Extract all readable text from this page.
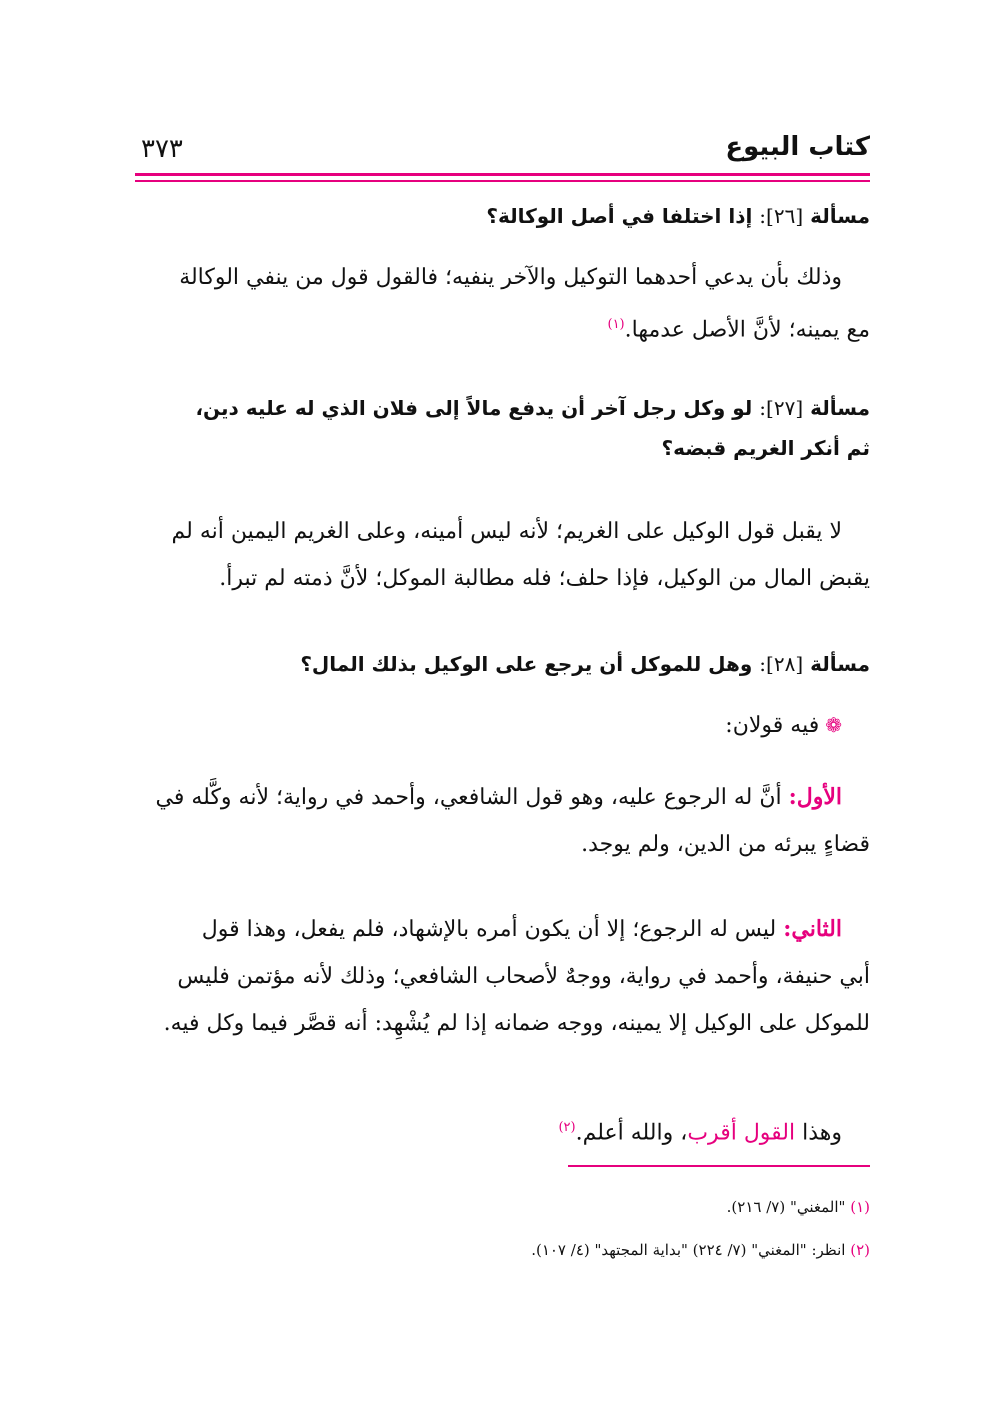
٣٧٣	كتاب البيوع
مسألة [٢٦]: إذا اختلفا في أصل الوكالة؟
وذلك بأن يدعي أحدهما التوكيل والآخر ينفيه؛ فالقول قول من ينفي الوكالة
مع يمينه؛ لأنَّ الأصل عدمها.$^{(١)}$
مسألة [٢٧]: لو وكل رجل آخر أن يدفع مالاً إلى فلان الذي له عليه دين،
ثم أنكر الغريم قبضه؟
لا يقبل قول الوكيل على الغريم؛ لأنه ليس أمينه، وعلى الغريم اليمين أنه لم
يقبض المال من الوكيل، فإذا حلف؛ فله مطالبة الموكل؛ لأنَّ ذمته لم تبرأ.
مسألة [٢٨]: وهل للموكل أن يرجع على الوكيل بذلك المال؟
❁فيه قولان:
الأول: أنَّ له الرجوع عليه، وهو قول الشافعي، وأحمد في رواية؛ لأنه وكَّله في
قضاءٍ يبرئه من الدين، ولم يوجد.
الثاني: ليس له الرجوع؛ إلا أن يكون أمره بالإشهاد، فلم يفعل، وهذا قول
أبي حنيفة، وأحمد في رواية، ووجهٌ لأصحاب الشافعي؛ وذلك لأنه مؤتمن فليس
للموكل على الوكيل إلا يمينه، ووجه ضمانه إذا لم يُشْهِد: أنه قصَّر فيما وكل فيه.
وهذا القول أقرب، والله أعلم.$^{(٢)}$
(١) "المغني" (٧/ ٢١٦).
(٢) انظر: "المغني" (٧/ ٢٢٤) "بداية المجتهد" (٤/ ١٠٧).
